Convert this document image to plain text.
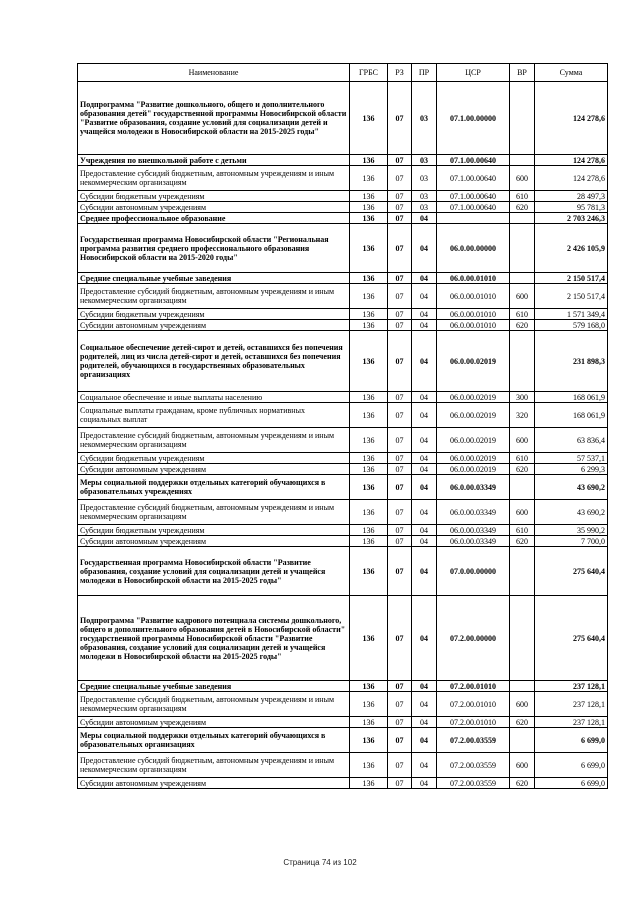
Наименование	ГРБС	РЗ	ПР	ЦСР	ВР	Сумма
Подпрограмма "Развитие дошкольного, общего и дополнительного образования детей" государственной программы Новосибирской области "Развитие образования, создание условий для социализации детей и учащейся молодежи в Новосибирской области на 2015-2025 годы"	136	07	03	07.1.00.00000		124 278,6
Учреждения по внешкольной работе с детьми	136	07	03	07.1.00.00640		124 278,6
Предоставление субсидий бюджетным, автономным учреждениям и иным некоммерческим организациям	136	07	03	07.1.00.00640	600	124 278,6
Субсидии бюджетным учреждениям	136	07	03	07.1.00.00640	610	28 497,3
Субсидии автономным учреждениям	136	07	03	07.1.00.00640	620	95 781,3
Среднее профессиональное образование	136	07	04			2 703 246,3
Государственная программа Новосибирской области "Региональная программа развития среднего профессионального образования Новосибирской области на 2015-2020 годы"	136	07	04	06.0.00.00000		2 426 105,9
Средние специальные учебные заведения	136	07	04	06.0.00.01010		2 150 517,4
Предоставление субсидий бюджетным, автономным учреждениям и иным некоммерческим организациям	136	07	04	06.0.00.01010	600	2 150 517,4
Субсидии бюджетным учреждениям	136	07	04	06.0.00.01010	610	1 571 349,4
Субсидии автономным учреждениям	136	07	04	06.0.00.01010	620	579 168,0
Социальное обеспечение детей-сирот и детей, оставшихся без попечения родителей, лиц из числа детей-сирот и детей, оставшихся без попечения родителей, обучающихся в государственных образовательных организациях	136	07	04	06.0.00.02019		231 898,3
Социальное обеспечение и иные выплаты населению	136	07	04	06.0.00.02019	300	168 061,9
Социальные выплаты гражданам, кроме публичных нормативных социальных выплат	136	07	04	06.0.00.02019	320	168 061,9
Предоставление субсидий бюджетным, автономным учреждениям и иным некоммерческим организациям	136	07	04	06.0.00.02019	600	63 836,4
Субсидии бюджетным учреждениям	136	07	04	06.0.00.02019	610	57 537,1
Субсидии автономным учреждениям	136	07	04	06.0.00.02019	620	6 299,3
Меры социальной поддержки отдельных категорий обучающихся в образовательных учреждениях	136	07	04	06.0.00.03349		43 690,2
Предоставление субсидий бюджетным, автономным учреждениям и иным некоммерческим организациям	136	07	04	06.0.00.03349	600	43 690,2
Субсидии бюджетным учреждениям	136	07	04	06.0.00.03349	610	35 990,2
Субсидии автономным учреждениям	136	07	04	06.0.00.03349	620	7 700,0
Государственная программа Новосибирской области "Развитие образования, создание условий для социализации детей и учащейся молодежи в Новосибирской области на 2015-2025 годы"	136	07	04	07.0.00.00000		275 640,4
Подпрограмма "Развитие кадрового потенциала системы дошкольного, общего и дополнительного образования детей в Новосибирской области" государственной программы Новосибирской области "Развитие образования, создание условий для социализации детей и учащейся молодежи в Новосибирской области на 2015-2025 годы"	136	07	04	07.2.00.00000		275 640,4
Средние специальные учебные заведения	136	07	04	07.2.00.01010		237 128,1
Предоставление субсидий бюджетным, автономным учреждениям и иным некоммерческим организациям	136	07	04	07.2.00.01010	600	237 128,1
Субсидии автономным учреждениям	136	07	04	07.2.00.01010	620	237 128,1
Меры социальной поддержки отдельных категорий обучающихся в образовательных организациях	136	07	04	07.2.00.03559		6 699,0
Предоставление субсидий бюджетным, автономным учреждениям и иным некоммерческим организациям	136	07	04	07.2.00.03559	600	6 699,0
Субсидии автономным учреждениям	136	07	04	07.2.00.03559	620	6 699,0
Страница 74 из 102
